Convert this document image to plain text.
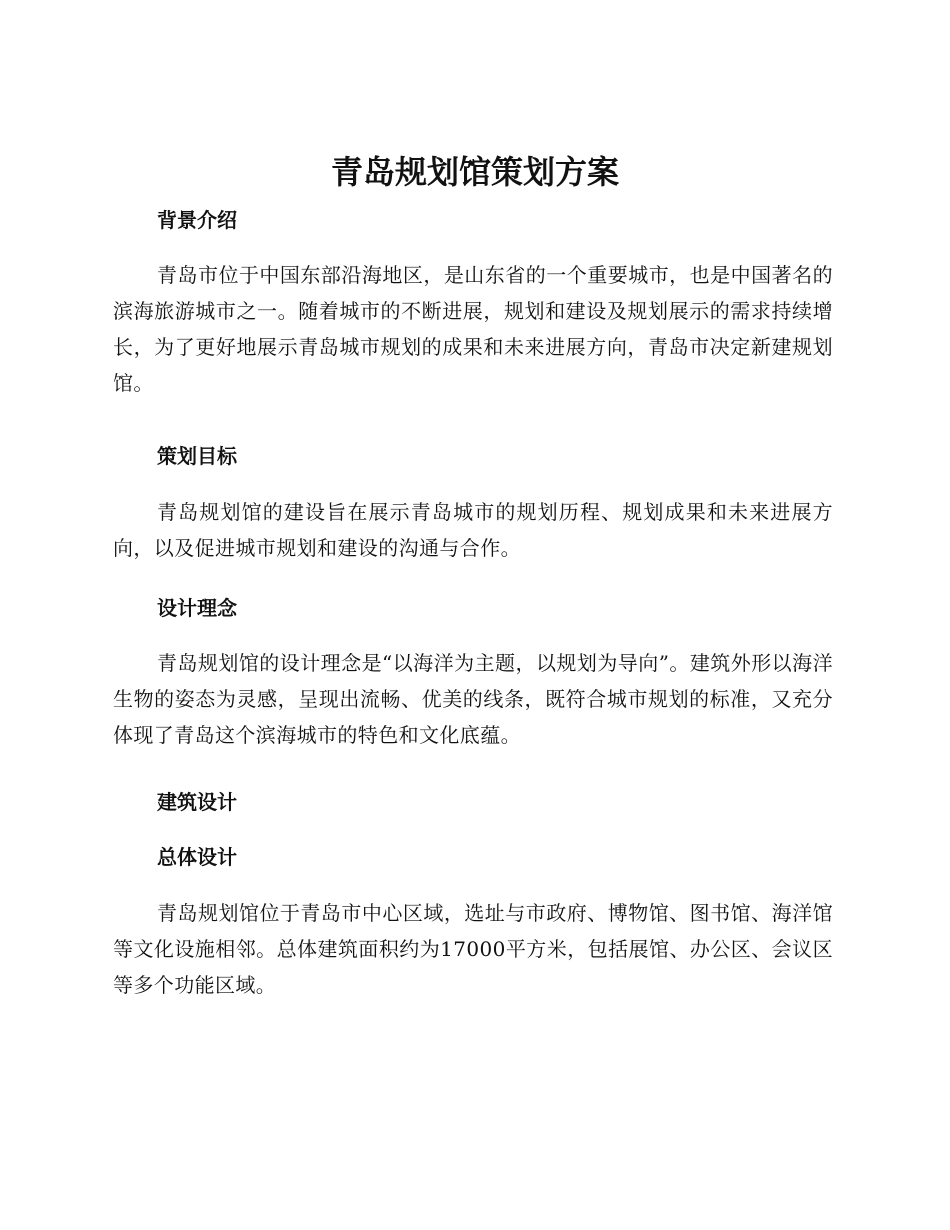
青岛规划馆策划方案
背景介绍

青岛市位于中国东部沿海地区，是山东省的一个重要城市，也是中国著名的滨海旅游城市之一。随着城市的不断进展，规划和建设及规划展示的需求持续增长，为了更好地展示青岛城市规划的成果和未来进展方向，青岛市决定新建规划馆。

策划目标

青岛规划馆的建设旨在展示青岛城市的规划历程、规划成果和未来进展方向，以及促进城市规划和建设的沟通与合作。

设计理念

青岛规划馆的设计理念是“以海洋为主题，以规划为导向”。建筑外形以海洋生物的姿态为灵感，呈现出流畅、优美的线条，既符合城市规划的标准，又充分体现了青岛这个滨海城市的特色和文化底蕴。

建筑设计
总体设计

青岛规划馆位于青岛市中心区域，选址与市政府、博物馆、图书馆、海洋馆等文化设施相邻。总体建筑面积约为17000平方米，包括展馆、办公区、会议区等多个功能区域。
